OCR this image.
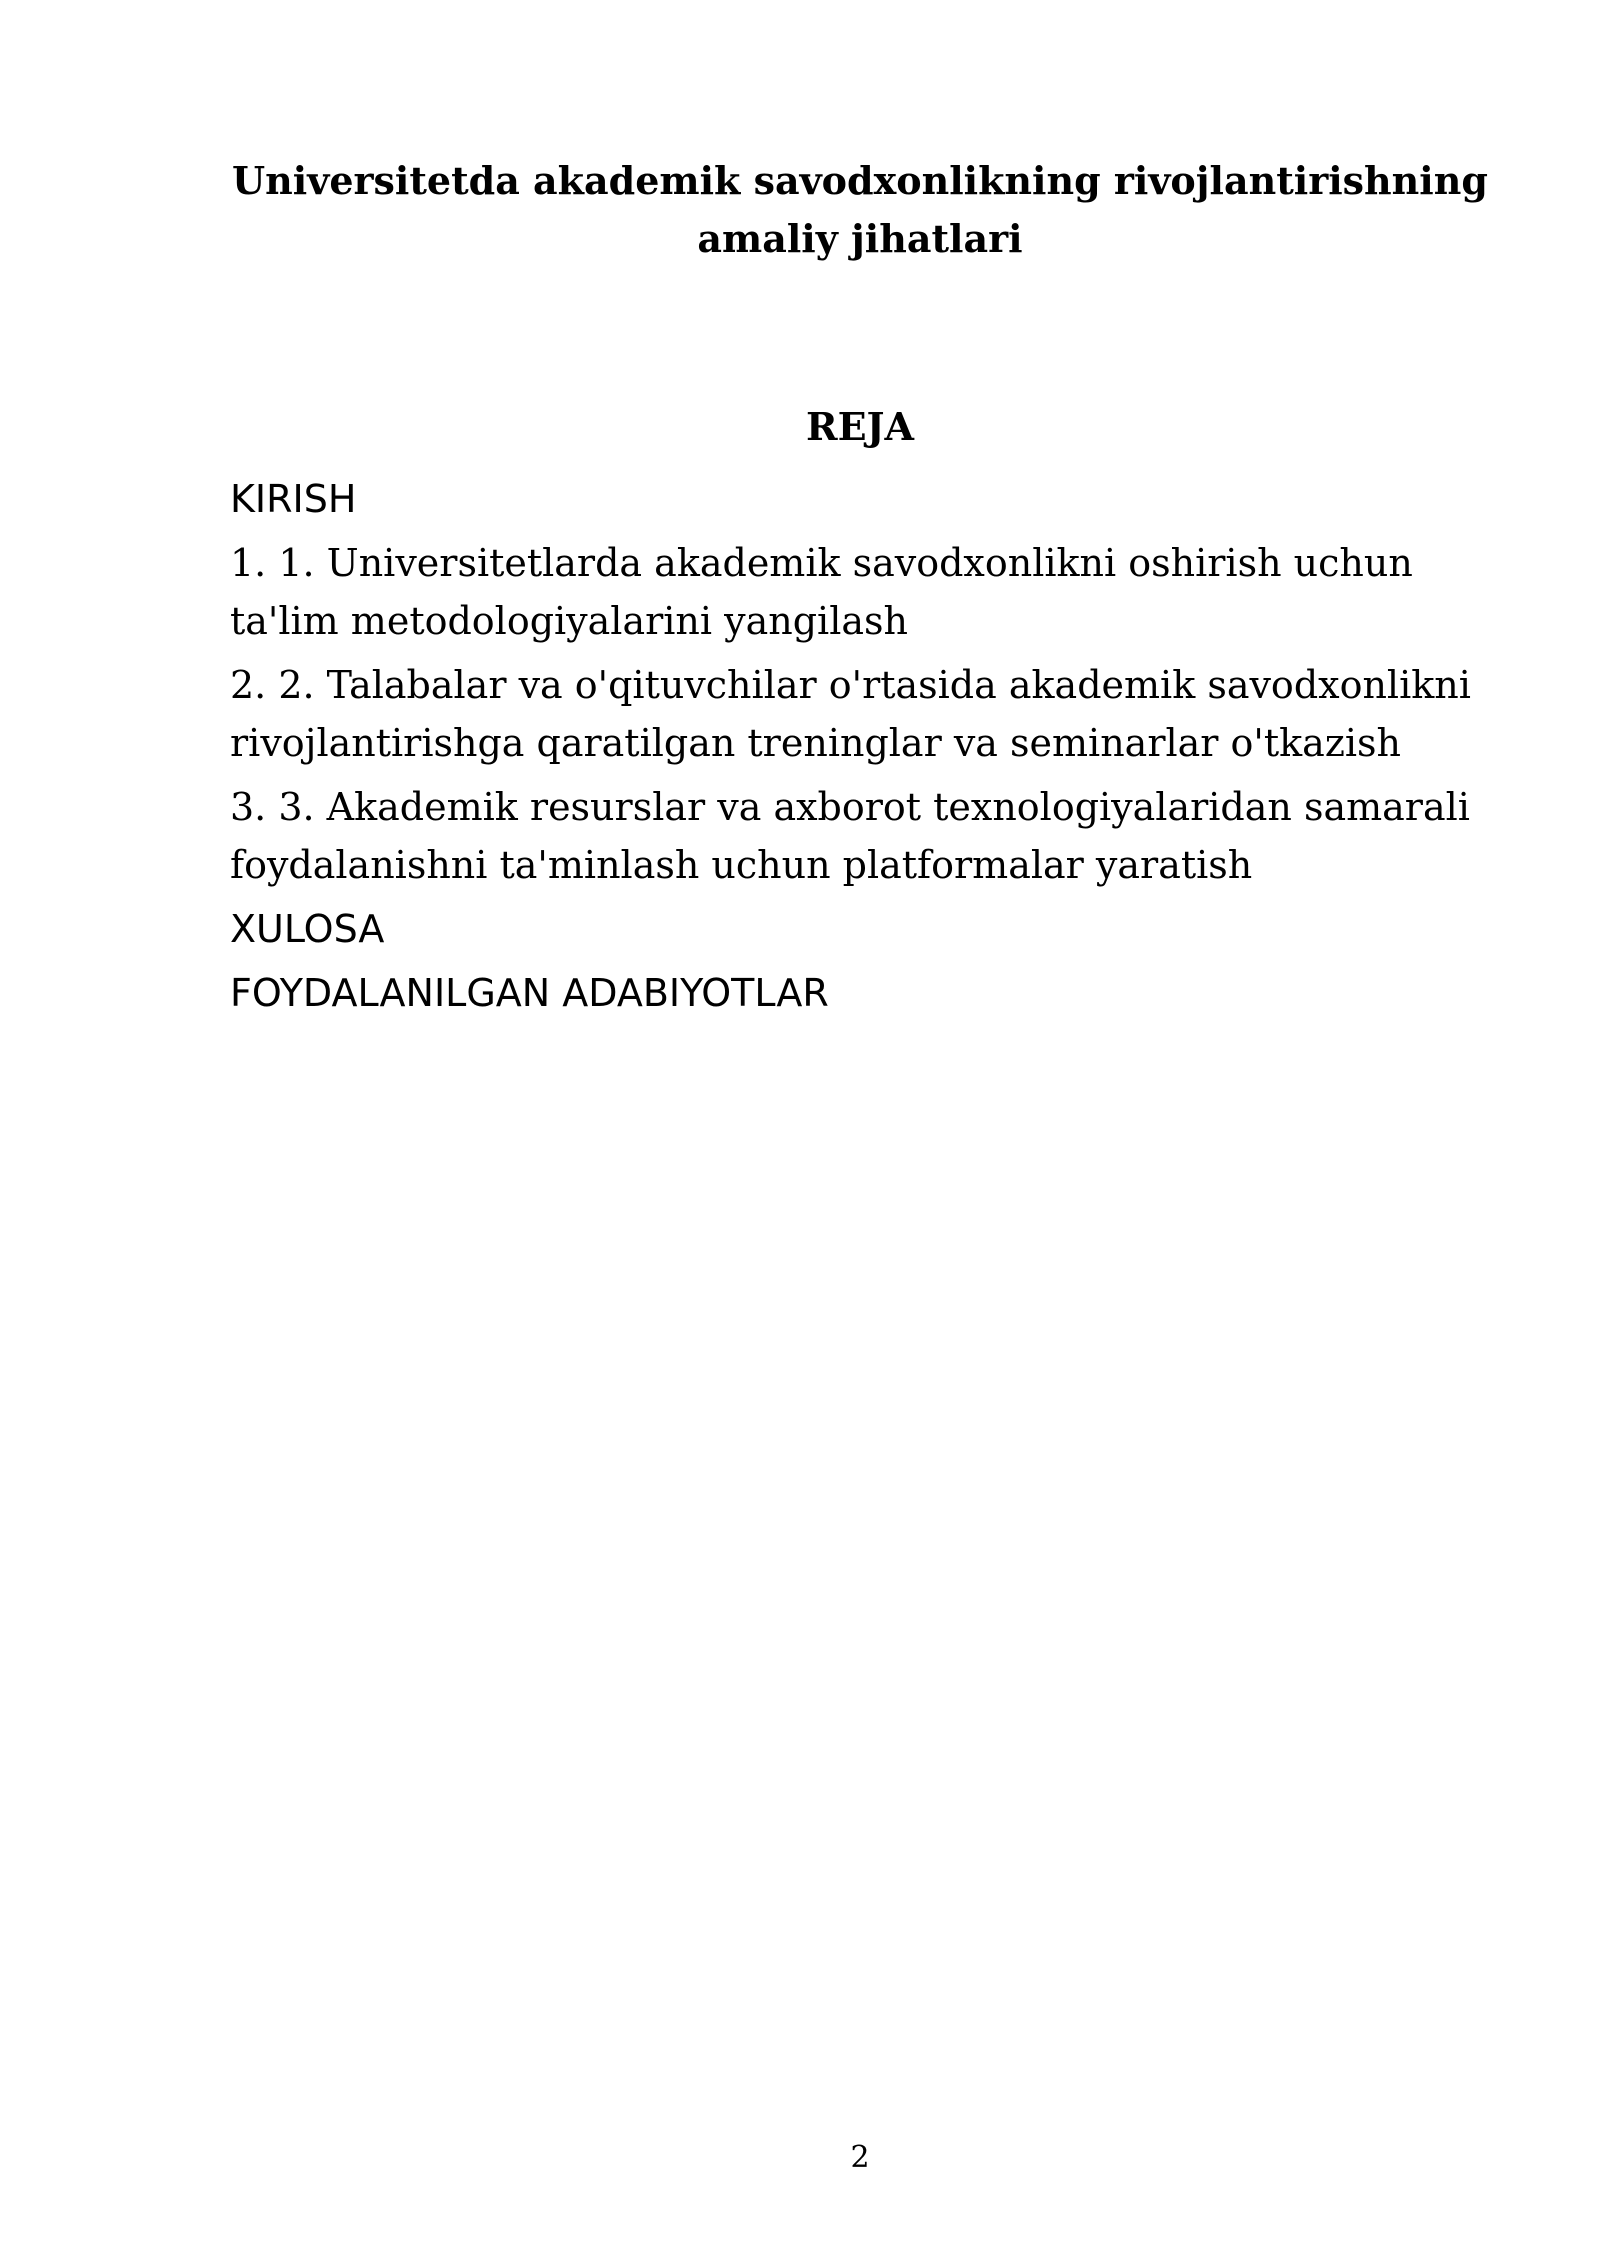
Universitetda akademik savodxonlikning rivojlantirishning amaliy jihatlari
REJA
KIRISH
1. 1. Universitetlarda akademik savodxonlikni oshirish uchun ta'lim metodologiyalarini yangilash
2. 2. Talabalar va o'qituvchilar o'rtasida akademik savodxonlikni rivojlantirishga qaratilgan treninglar va seminarlar o'tkazish
3. 3. Akademik resurslar va axborot texnologiyalaridan samarali foydalanishni ta'minlash uchun platformalar yaratish
XULOSA
FOYDALANILGAN ADABIYOTLAR

2
